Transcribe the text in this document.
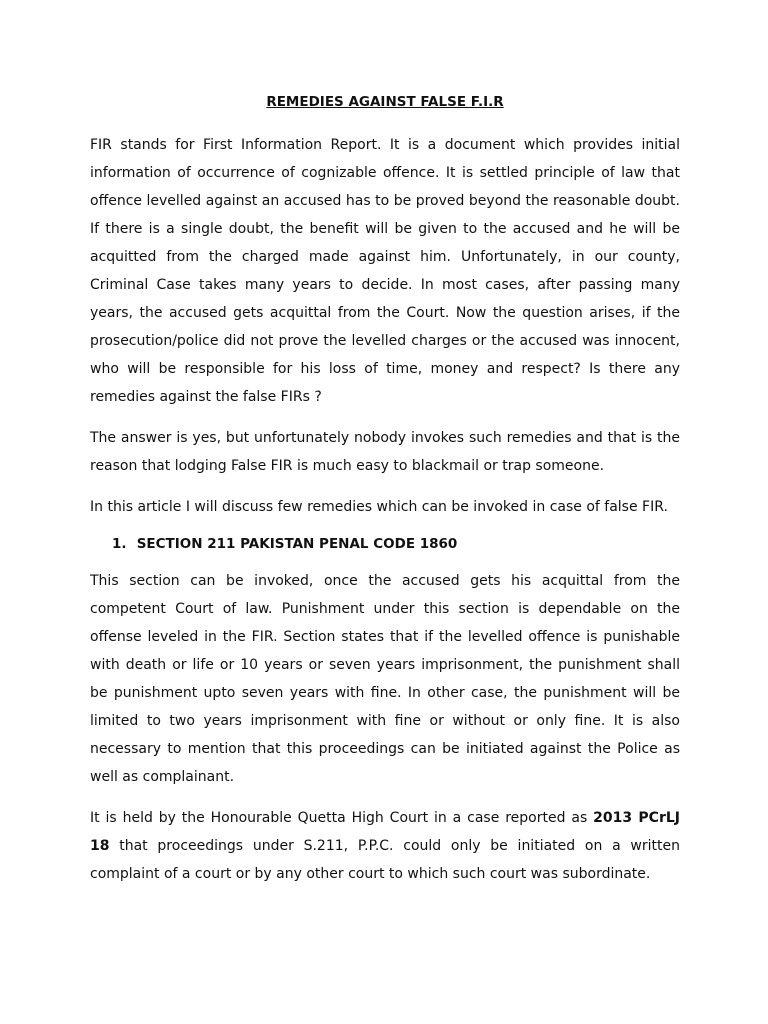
REMEDIES AGAINST FALSE F.I.R

FIR stands for First Information Report. It is a document which provides initial information of occurrence of cognizable offence. It is settled principle of law that offence levelled against an accused has to be proved beyond the reasonable doubt. If there is a single doubt, the benefit will be given to the accused and he will be acquitted from the charged made against him. Unfortunately, in our county, Criminal Case takes many years to decide. In most cases, after passing many years, the accused gets acquittal from the Court. Now the question arises, if the prosecution/police did not prove the levelled charges or the accused was innocent, who will be responsible for his loss of time, money and respect? Is there any remedies against the false FIRs ?

The answer is yes, but unfortunately nobody invokes such remedies and that is the reason that lodging False FIR is much easy to blackmail or trap someone.

In this article I will discuss few remedies which can be invoked in case of false FIR.

1. SECTION 211 PAKISTAN PENAL CODE 1860

This section can be invoked, once the accused gets his acquittal from the competent Court of law. Punishment under this section is dependable on the offense leveled in the FIR. Section states that if the levelled offence is punishable with death or life or 10 years or seven years imprisonment, the punishment shall be punishment upto seven years with fine. In other case, the punishment will be limited to two years imprisonment with fine or without or only fine. It is also necessary to mention that this proceedings can be initiated against the Police as well as complainant.

It is held by the Honourable Quetta High Court in a case reported as 2013 PCrLJ 18 that proceedings under S.211, P.P.C. could only be initiated on a written complaint of a court or by any other court to which such court was subordinate.
